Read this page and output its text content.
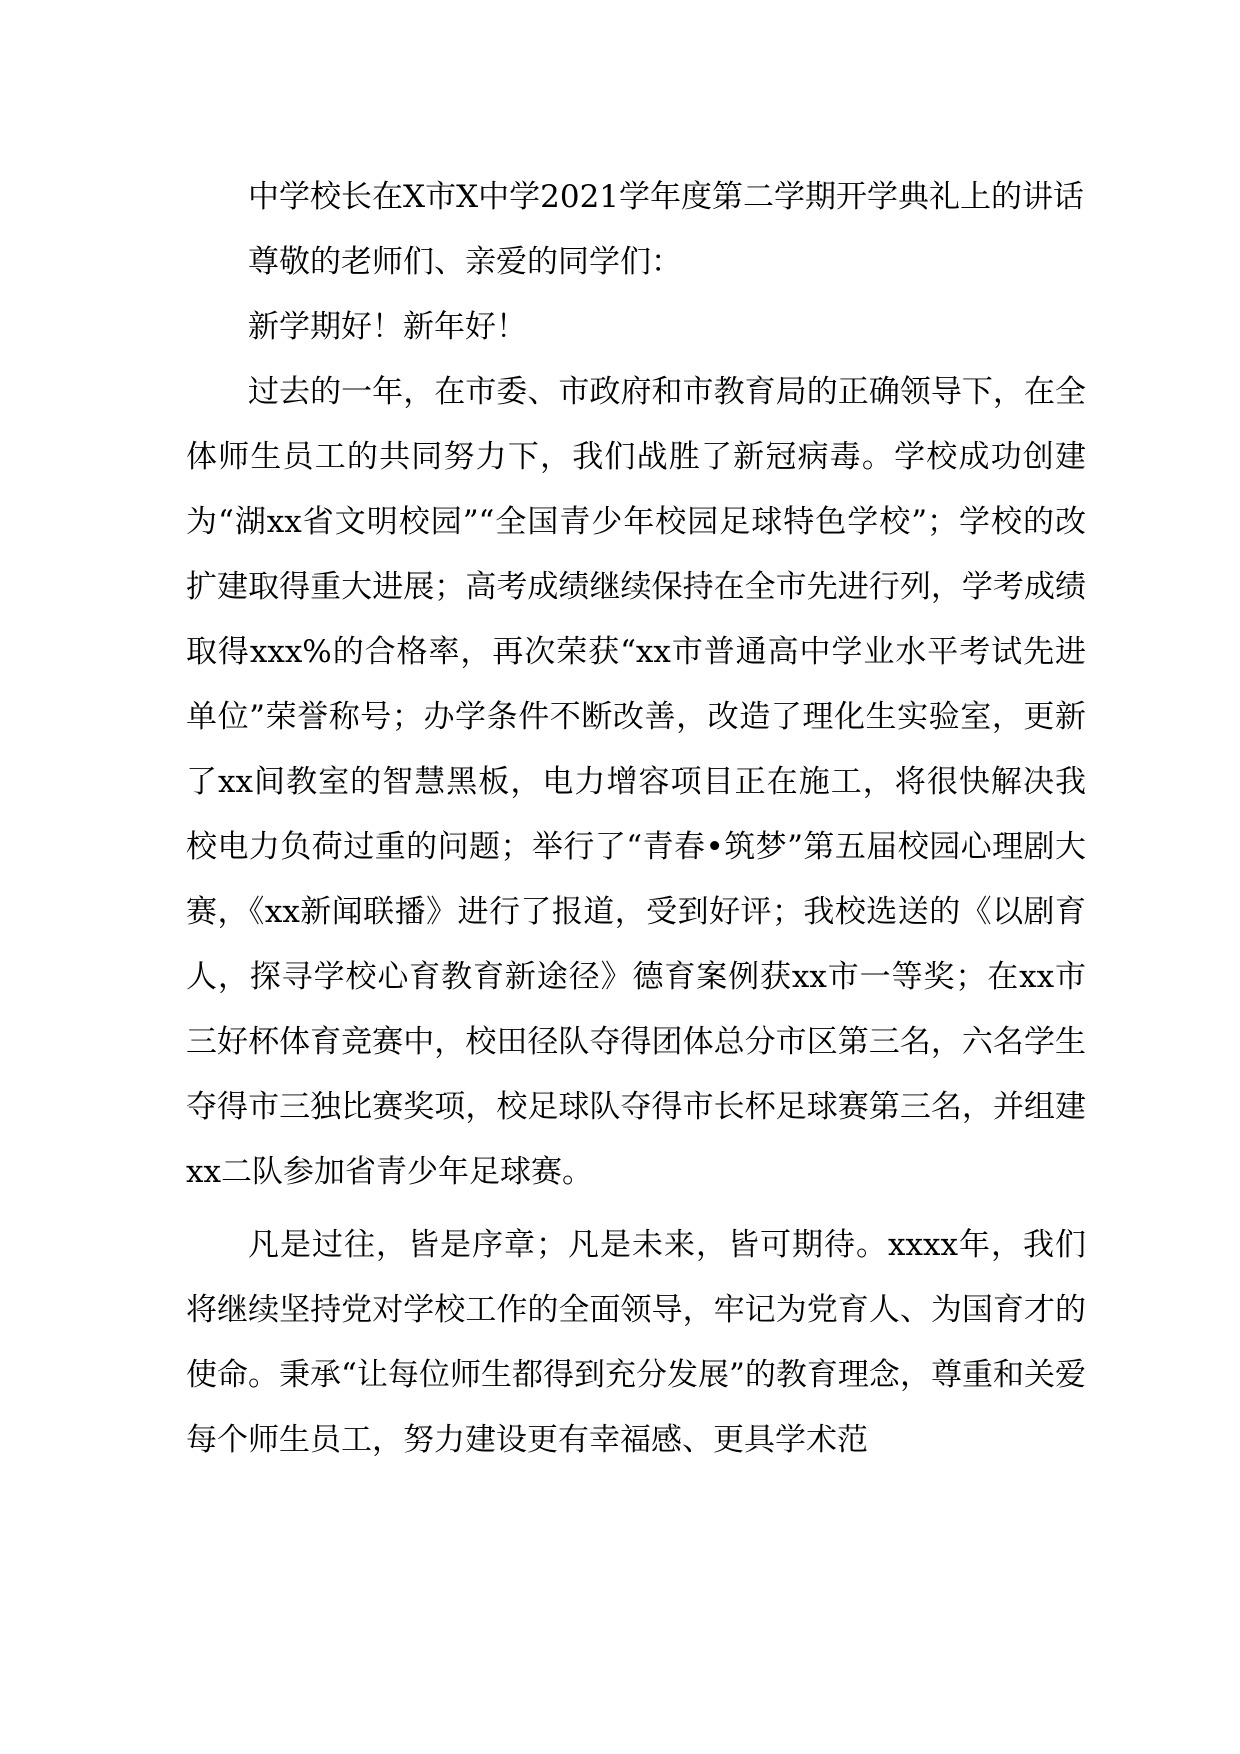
中学校长在X市X中学2021学年度第二学期开学典礼上的讲话

尊敬的老师们、亲爱的同学们：

新学期好！新年好！

过去的一年，在市委、市政府和市教育局的正确领导下，在全体师生员工的共同努力下，我们战胜了新冠病毒。学校成功创建为“湖xx省文明校园”“全国青少年校园足球特色学校”；学校的改扩建取得重大进展；高考成绩继续保持在全市先进行列，学考成绩取得xxx%的合格率，再次荣获“xx市普通高中学业水平考试先进单位”荣誉称号；办学条件不断改善，改造了理化生实验室，更新了xx间教室的智慧黑板，电力增容项目正在施工，将很快解决我校电力负荷过重的问题；举行了“青春•筑梦”第五届校园心理剧大赛，《xx新闻联播》进行了报道，受到好评；我校选送的《以剧育人，探寻学校心育教育新途径》德育案例获xx市一等奖；在xx市三好杯体育竞赛中，校田径队夺得团体总分市区第三名，六名学生夺得市三独比赛奖项，校足球队夺得市长杯足球赛第三名，并组建xx二队参加省青少年足球赛。

凡是过往，皆是序章；凡是未来，皆可期待。xxxx年，我们将继续坚持党对学校工作的全面领导，牢记为党育人、为国育才的使命。秉承“让每位师生都得到充分发展”的教育理念，尊重和关爱每个师生员工，努力建设更有幸福感、更具学术范
